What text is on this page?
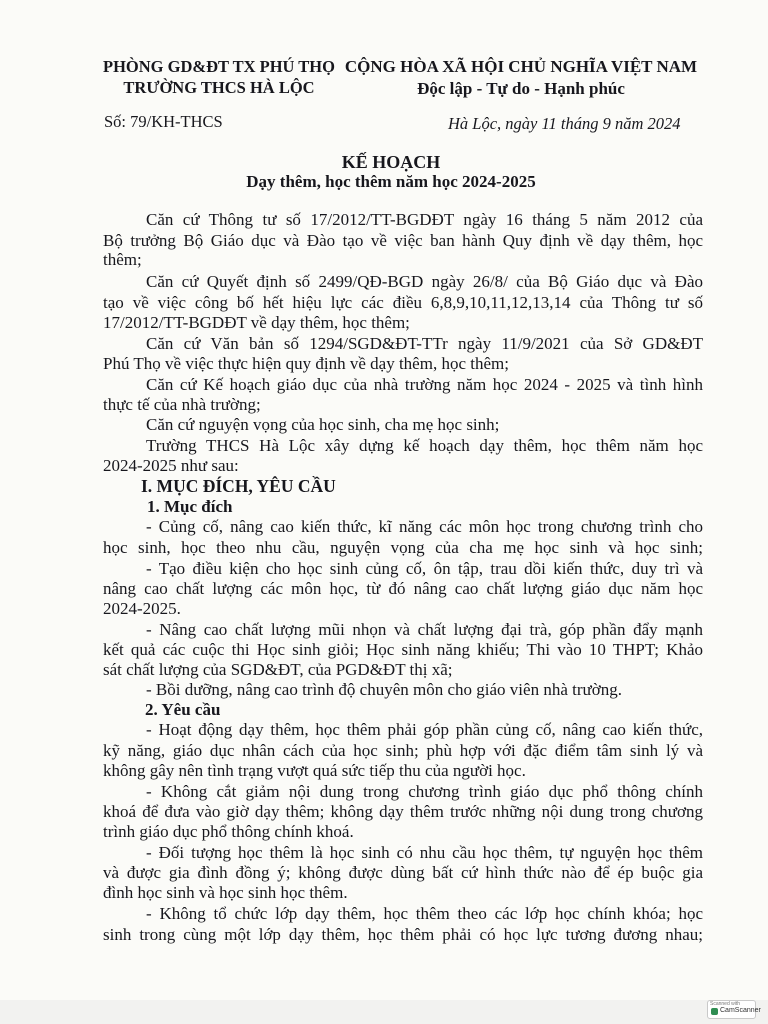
PHÒNG GD&ĐT TX PHÚ THỌ
TRƯỜNG THCS HÀ LỘC
CỘNG HÒA XÃ HỘI CHỦ NGHĨA VIỆT NAM
Độc lập - Tự do - Hạnh phúc
Số: 79/KH-THCS	Hà Lộc, ngày 11 tháng 9 năm 2024
KẾ HOẠCH
Dạy thêm, học thêm năm học 2024-2025
Căn cứ Thông tư số 17/2012/TT-BGDĐT ngày 16 tháng 5 năm 2012 của
Bộ trưởng Bộ Giáo dục và Đào tạo về việc ban hành Quy định về dạy thêm, học
thêm;
Căn cứ Quyết định số 2499/QĐ-BGD ngày 26/8/ của Bộ Giáo dục và Đào
tạo về việc công bố hết hiệu lực các điều 6,8,9,10,11,12,13,14 của Thông tư số
17/2012/TT-BGDĐT về dạy thêm, học thêm;
Căn cứ Văn bản số 1294/SGD&ĐT-TTr ngày 11/9/2021 của Sở GD&ĐT
Phú Thọ về việc thực hiện quy định về dạy thêm, học thêm;
Căn cứ Kế hoạch giáo dục của nhà trường năm học 2024 - 2025 và tình hình
thực tế của nhà trường;
Căn cứ nguyện vọng của học sinh, cha mẹ học sinh;
Trường THCS Hà Lộc xây dựng kế hoạch dạy thêm, học thêm năm học
2024-2025 như sau:
I. MỤC ĐÍCH, YÊU CẦU
1. Mục đích
- Củng cố, nâng cao kiến thức, kĩ năng các môn học trong chương trình cho
học sinh, học theo nhu cầu, nguyện vọng của cha mẹ học sinh và học sinh;
- Tạo điều kiện cho học sinh củng cố, ôn tập, trau dồi kiến thức, duy trì và
nâng cao chất lượng các môn học, từ đó nâng cao chất lượng giáo dục năm học
2024-2025.
- Nâng cao chất lượng mũi nhọn và chất lượng đại trà, góp phần đẩy mạnh
kết quả các cuộc thi Học sinh giỏi; Học sinh năng khiếu; Thi vào 10 THPT; Khảo
sát chất lượng của SGD&ĐT, của PGD&ĐT thị xã;
- Bồi dưỡng, nâng cao trình độ chuyên môn cho giáo viên nhà trường.
2. Yêu cầu
- Hoạt động dạy thêm, học thêm phải góp phần củng cố, nâng cao kiến thức,
kỹ năng, giáo dục nhân cách của học sinh; phù hợp với đặc điểm tâm sinh lý và
không gây nên tình trạng vượt quá sức tiếp thu của người học.
- Không cắt giảm nội dung trong chương trình giáo dục phổ thông chính
khoá để đưa vào giờ dạy thêm; không dạy thêm trước những nội dung trong chương
trình giáo dục phổ thông chính khoá.
- Đối tượng học thêm là học sinh có nhu cầu học thêm, tự nguyện học thêm
và được gia đình đồng ý; không được dùng bất cứ hình thức nào để ép buộc gia
đình học sinh và học sinh học thêm.
- Không tổ chức lớp dạy thêm, học thêm theo các lớp học chính khóa; học
sinh trong cùng một lớp dạy thêm, học thêm phải có học lực tương đương nhau;
Scanned with
CamScanner
